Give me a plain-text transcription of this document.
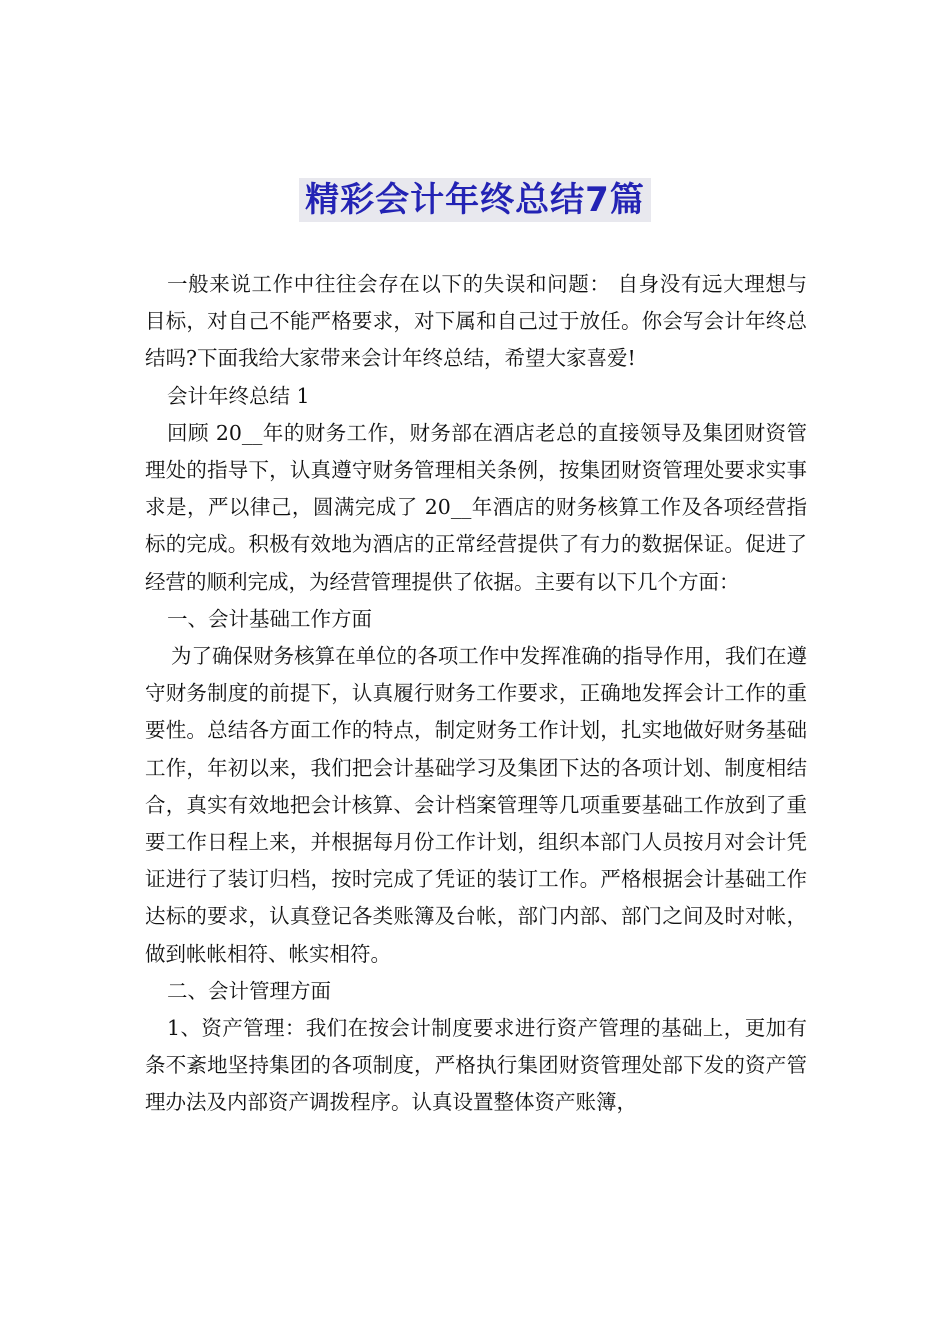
精彩会计年终总结7篇

一般来说工作中往往会存在以下的失误和问题： 自身没有远大理想与目标，对自己不能严格要求，对下属和自己过于放任。你会写会计年终总结吗?下面我给大家带来会计年终总结，希望大家喜爱!

会计年终总结 1

回顾 20__年的财务工作，财务部在酒店老总的直接领导及集团财资管理处的指导下，认真遵守财务管理相关条例，按集团财资管理处要求实事求是，严以律己，圆满完成了 20__年酒店的财务核算工作及各项经营指标的完成。积极有效地为酒店的正常经营提供了有力的数据保证。促进了经营的顺利完成，为经营管理提供了依据。主要有以下几个方面：

一、会计基础工作方面

为了确保财务核算在单位的各项工作中发挥准确的指导作用，我们在遵守财务制度的前提下，认真履行财务工作要求，正确地发挥会计工作的重要性。总结各方面工作的特点，制定财务工作计划，扎实地做好财务基础工作，年初以来，我们把会计基础学习及集团下达的各项计划、制度相结合，真实有效地把会计核算、会计档案管理等几项重要基础工作放到了重要工作日程上来，并根据每月份工作计划，组织本部门人员按月对会计凭证进行了装订归档，按时完成了凭证的装订工作。严格根据会计基础工作达标的要求，认真登记各类账簿及台帐，部门内部、部门之间及时对帐，做到帐帐相符、帐实相符。

二、会计管理方面

1、资产管理：我们在按会计制度要求进行资产管理的基础上，更加有条不紊地坚持集团的各项制度，严格执行集团财资管理处部下发的资产管理办法及内部资产调拨程序。认真设置整体资产账簿，
